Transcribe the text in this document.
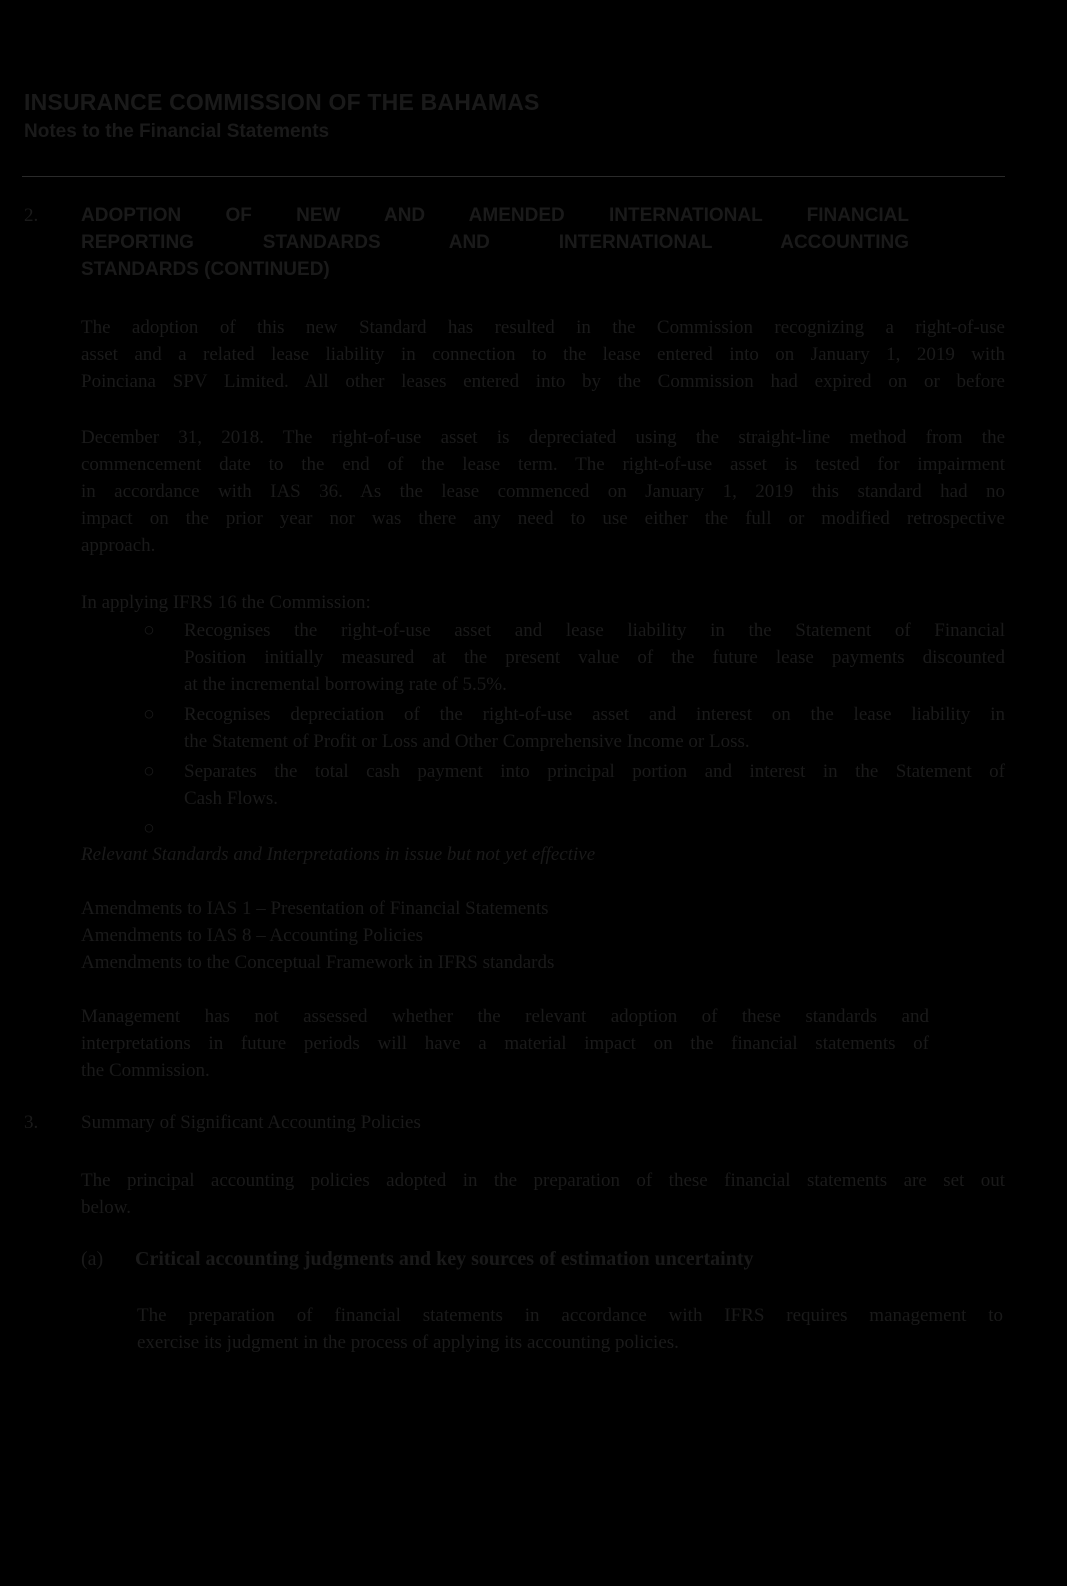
INSURANCE COMMISSION OF THE BAHAMAS
Notes to the Financial Statements
2. ADOPTION OF NEW AND AMENDED INTERNATIONAL FINANCIAL
REPORTING STANDARDS AND INTERNATIONAL ACCOUNTING
STANDARDS (CONTINUED)
The adoption of this new Standard has resulted in the Commission recognizing a right-of-use
asset and a related lease liability in connection to the lease entered into on January 1, 2019 with
Poinciana SPV Limited. All other leases entered into by the Commission had expired on or before
December 31, 2018. The right-of-use asset is depreciated using the straight-line method from the
commencement date to the end of the lease term. The right-of-use asset is tested for impairment
in accordance with IAS 36. As the lease commenced on January 1, 2019 this standard had no
impact on the prior year nor was there any need to use either the full or modified retrospective
approach.
In applying IFRS 16 the Commission:
○ Recognises the right-of-use asset and lease liability in the Statement of Financial
Position initially measured at the present value of the future lease payments discounted
at the incremental borrowing rate of 5.5%.
○ Recognises depreciation of the right-of-use asset and interest on the lease liability in
the Statement of Profit or Loss and Other Comprehensive Income or Loss.
○ Separates the total cash payment into principal portion and interest in the Statement of
Cash Flows.
○
Relevant Standards and Interpretations in issue but not yet effective
Amendments to IAS 1 – Presentation of Financial Statements
Amendments to IAS 8 – Accounting Policies
Amendments to the Conceptual Framework in IFRS standards
Management has not assessed whether the relevant adoption of these standards and
interpretations in future periods will have a material impact on the financial statements of
the Commission.
3. Summary of Significant Accounting Policies
The principal accounting policies adopted in the preparation of these financial statements are set out
below.
(a) Critical accounting judgments and key sources of estimation uncertainty
The preparation of financial statements in accordance with IFRS requires management to
exercise its judgment in the process of applying its accounting policies.
